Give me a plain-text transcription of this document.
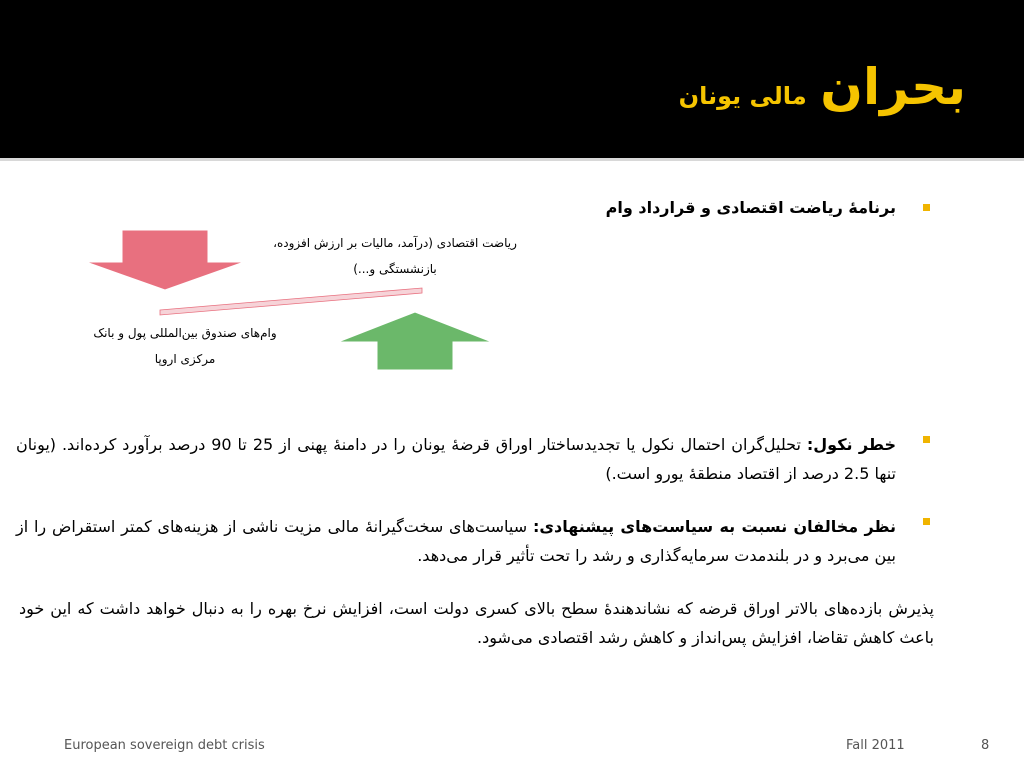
بحران مالی یونان
برنامۀ ریاضت اقتصادی و قرارداد وام
ریاضت اقتصادی (درآمد، مالیات بر ارزش افزوده، بازنشستگی و...)
وام‌های صندوق بین‌المللی پول و بانک مرکزی اروپا
خطر نکول: تحلیل‌گران احتمال نکول یا تجدیدساختار اوراق قرضۀ یونان را در دامنۀ پهنی از 25 تا 90 درصد برآورد کرده‌اند. (یونان تنها 2.5 درصد از اقتصاد منطقۀ یورو است.)
نظر مخالفان نسبت به سیاست‌های پیشنهادی: سیاست‌های سخت‌گیرانۀ مالی مزیت ناشی از هزینه‌های کمتر استقراض را از بین می‌برد و در بلندمدت سرمایه‌گذاری و رشد را تحت تأثیر قرار می‌دهد.
پذیرش بازده‌های بالاتر اوراق قرضه که نشاندهندۀ سطح بالای کسری دولت است، افزایش نرخ بهره را به دنبال خواهد داشت که این خود باعث کاهش تقاضا، افزایش پس‌انداز و کاهش رشد اقتصادی می‌شود.
European sovereign debt crisis	Fall 2011	8
